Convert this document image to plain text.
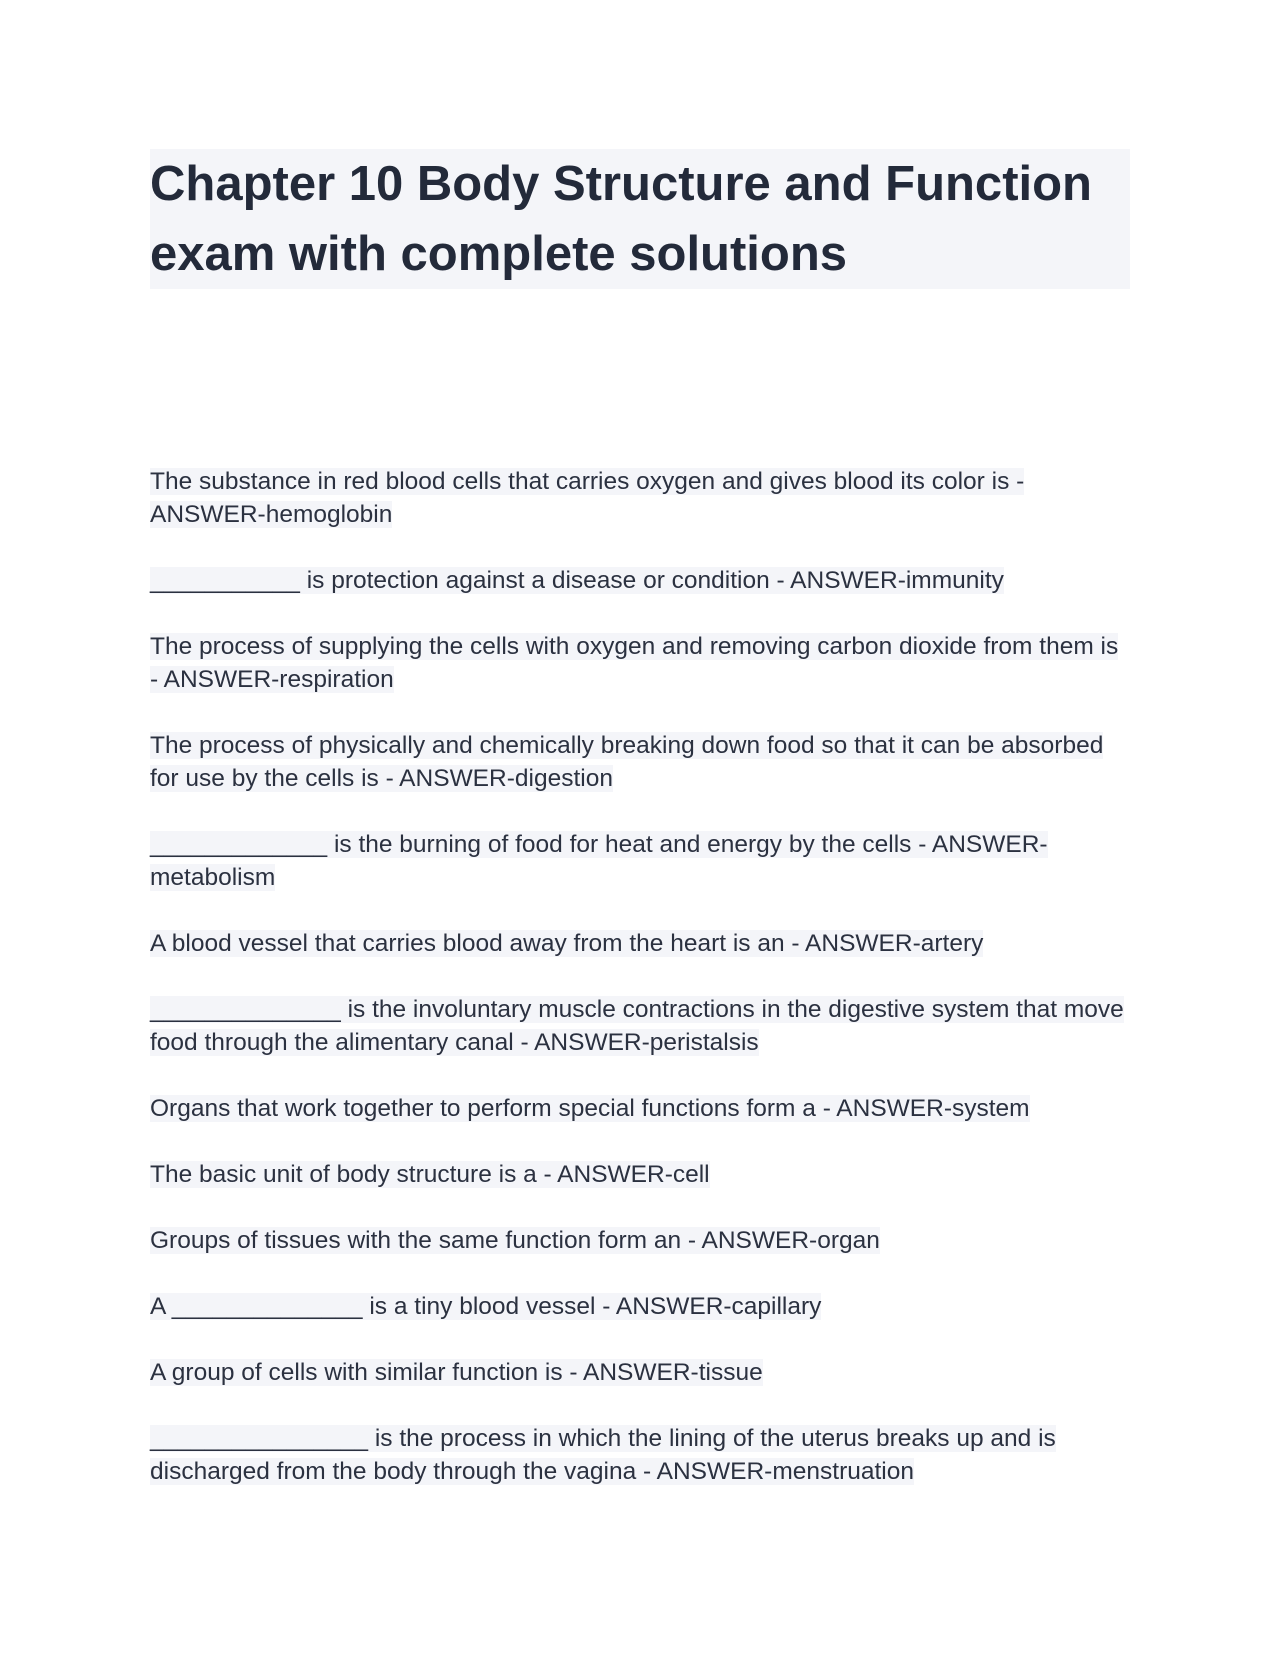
Chapter 10 Body Structure and Function exam with complete solutions

The substance in red blood cells that carries oxygen and gives blood its color is - ANSWER-hemoglobin

___________ is protection against a disease or condition - ANSWER-immunity

The process of supplying the cells with oxygen and removing carbon dioxide from them is - ANSWER-respiration

The process of physically and chemically breaking down food so that it can be absorbed for use by the cells is - ANSWER-digestion

_____________ is the burning of food for heat and energy by the cells - ANSWER-metabolism

A blood vessel that carries blood away from the heart is an - ANSWER-artery

______________ is the involuntary muscle contractions in the digestive system that move food through the alimentary canal - ANSWER-peristalsis

Organs that work together to perform special functions form a - ANSWER-system

The basic unit of body structure is a - ANSWER-cell

Groups of tissues with the same function form an - ANSWER-organ

A ______________ is a tiny blood vessel - ANSWER-capillary

A group of cells with similar function is - ANSWER-tissue

________________ is the process in which the lining of the uterus breaks up and is discharged from the body through the vagina - ANSWER-menstruation
